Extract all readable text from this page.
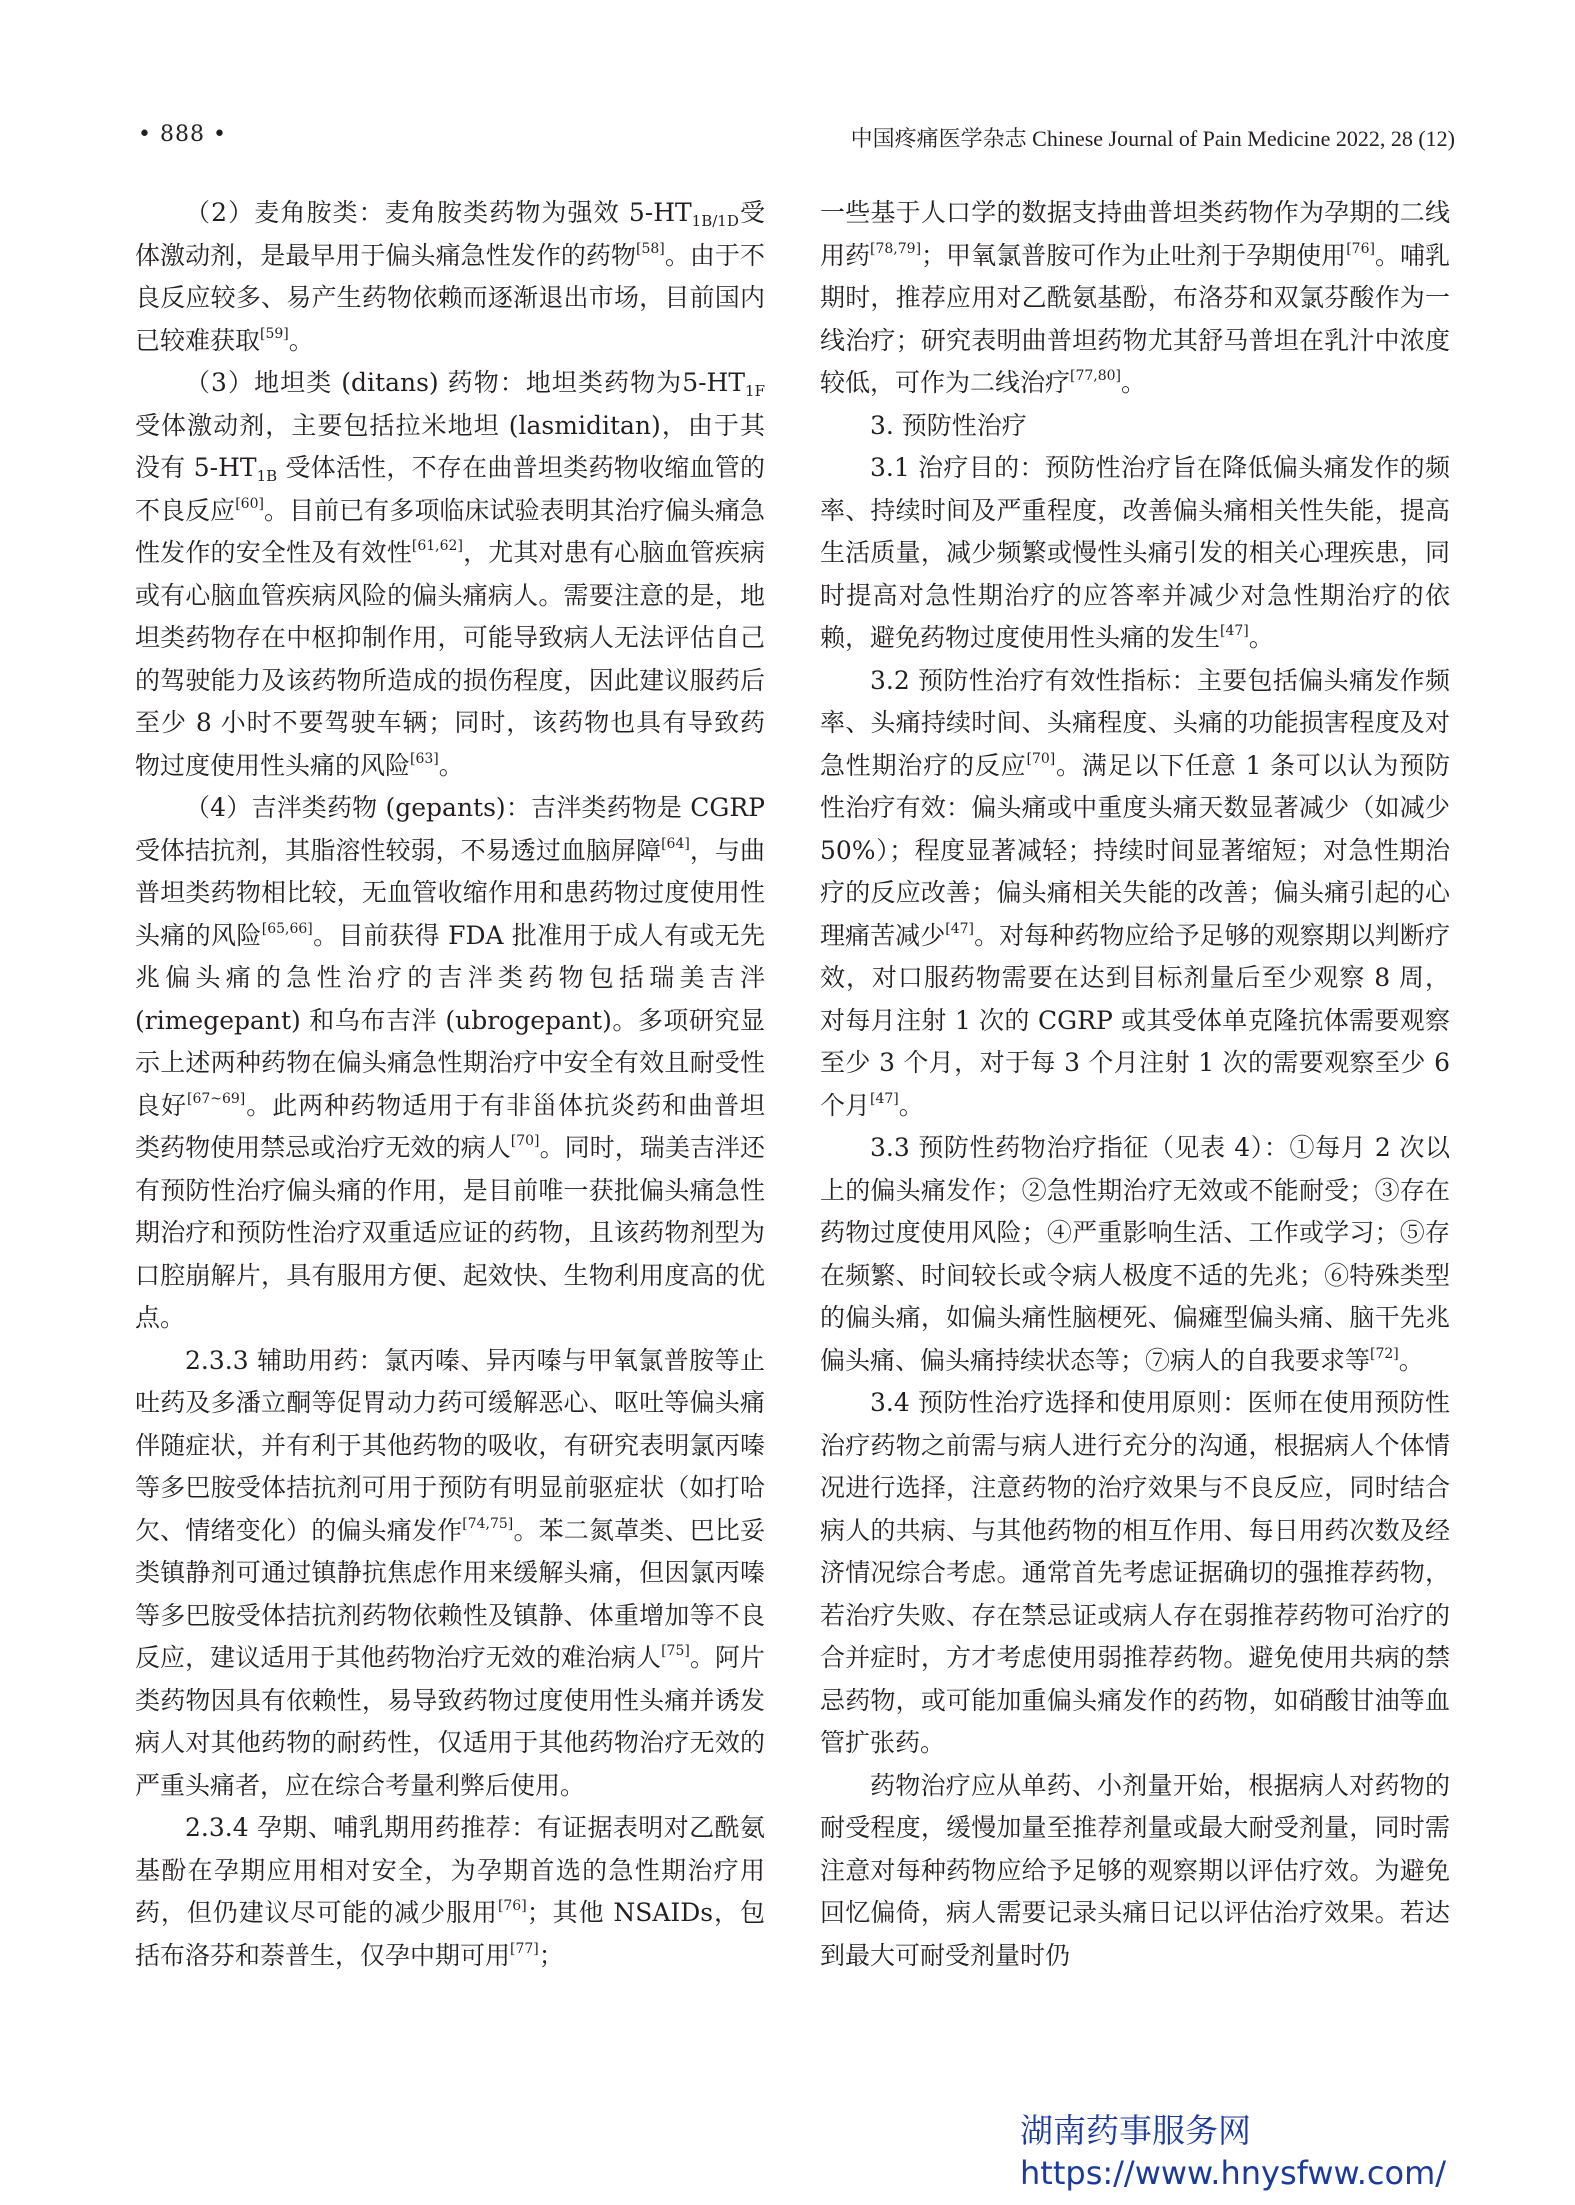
• 888 •	中国疼痛医学杂志 Chinese Journal of Pain Medicine 2022, 28 (12)

（2）麦角胺类：麦角胺类药物为强效 $5-HT_{1B/1D}$受体激动剂，是最早用于偏头痛急性发作的药物[58]。由于不良反应较多、易产生药物依赖而逐渐退出市场，目前国内已较难获取[59]。

（3）地坦类 (ditans) 药物：地坦类药物为$5-HT_{1F}$受体激动剂，主要包括拉米地坦 (lasmiditan)，由于其没有 $5-HT_{1B}$ 受体活性，不存在曲普坦类药物收缩血管的不良反应[60]。目前已有多项临床试验表明其治疗偏头痛急性发作的安全性及有效性[61,62]，尤其对患有心脑血管疾病或有心脑血管疾病风险的偏头痛病人。需要注意的是，地坦类药物存在中枢抑制作用，可能导致病人无法评估自己的驾驶能力及该药物所造成的损伤程度，因此建议服药后至少 8 小时不要驾驶车辆；同时，该药物也具有导致药物过度使用性头痛的风险[63]。

（4）吉泮类药物 (gepants)：吉泮类药物是 CGRP 受体拮抗剂，其脂溶性较弱，不易透过血脑屏障[64]，与曲普坦类药物相比较，无血管收缩作用和患药物过度使用性头痛的风险[65,66]。目前获得 FDA 批准用于成人有或无先兆偏头痛的急性治疗的吉泮类药物包括瑞美吉泮 (rimegepant) 和乌布吉泮 (ubrogepant)。多项研究显示上述两种药物在偏头痛急性期治疗中安全有效且耐受性良好[67~69]。此两种药物适用于有非甾体抗炎药和曲普坦类药物使用禁忌或治疗无效的病人[70]。同时，瑞美吉泮还有预防性治疗偏头痛的作用，是目前唯一获批偏头痛急性期治疗和预防性治疗双重适应证的药物，且该药物剂型为口腔崩解片，具有服用方便、起效快、生物利用度高的优点。

2.3.3 辅助用药：氯丙嗪、异丙嗪与甲氧氯普胺等止吐药及多潘立酮等促胃动力药可缓解恶心、呕吐等偏头痛伴随症状，并有利于其他药物的吸收，有研究表明氯丙嗪等多巴胺受体拮抗剂可用于预防有明显前驱症状（如打哈欠、情绪变化）的偏头痛发作[74,75]。苯二氮䓬类、巴比妥类镇静剂可通过镇静抗焦虑作用来缓解头痛，但因氯丙嗪等多巴胺受体拮抗剂药物依赖性及镇静、体重增加等不良反应，建议适用于其他药物治疗无效的难治病人[75]。阿片类药物因具有依赖性，易导致药物过度使用性头痛并诱发病人对其他药物的耐药性，仅适用于其他药物治疗无效的严重头痛者，应在综合考量利弊后使用。

2.3.4 孕期、哺乳期用药推荐：有证据表明对乙酰氨基酚在孕期应用相对安全，为孕期首选的急性期治疗用药，但仍建议尽可能的减少服用[76]；其他 NSAIDs，包括布洛芬和萘普生，仅孕中期可用[77]；

一些基于人口学的数据支持曲普坦类药物作为孕期的二线用药[78,79]；甲氧氯普胺可作为止吐剂于孕期使用[76]。哺乳期时，推荐应用对乙酰氨基酚，布洛芬和双氯芬酸作为一线治疗；研究表明曲普坦药物尤其舒马普坦在乳汁中浓度较低，可作为二线治疗[77,80]。

3. 预防性治疗

3.1 治疗目的：预防性治疗旨在降低偏头痛发作的频率、持续时间及严重程度，改善偏头痛相关性失能，提高生活质量，减少频繁或慢性头痛引发的相关心理疾患，同时提高对急性期治疗的应答率并减少对急性期治疗的依赖，避免药物过度使用性头痛的发生[47]。

3.2 预防性治疗有效性指标：主要包括偏头痛发作频率、头痛持续时间、头痛程度、头痛的功能损害程度及对急性期治疗的反应[70]。满足以下任意 1 条可以认为预防性治疗有效：偏头痛或中重度头痛天数显著减少（如减少 50%）；程度显著减轻；持续时间显著缩短；对急性期治疗的反应改善；偏头痛相关失能的改善；偏头痛引起的心理痛苦减少[47]。对每种药物应给予足够的观察期以判断疗效，对口服药物需要在达到目标剂量后至少观察 8 周，对每月注射 1 次的 CGRP 或其受体单克隆抗体需要观察至少 3 个月，对于每 3 个月注射 1 次的需要观察至少 6 个月[47]。

3.3 预防性药物治疗指征（见表 4）：①每月 2 次以上的偏头痛发作；②急性期治疗无效或不能耐受；③存在药物过度使用风险；④严重影响生活、工作或学习；⑤存在频繁、时间较长或令病人极度不适的先兆；⑥特殊类型的偏头痛，如偏头痛性脑梗死、偏瘫型偏头痛、脑干先兆偏头痛、偏头痛持续状态等；⑦病人的自我要求等[72]。

3.4 预防性治疗选择和使用原则：医师在使用预防性治疗药物之前需与病人进行充分的沟通，根据病人个体情况进行选择，注意药物的治疗效果与不良反应，同时结合病人的共病、与其他药物的相互作用、每日用药次数及经济情况综合考虑。通常首先考虑证据确切的强推荐药物，若治疗失败、存在禁忌证或病人存在弱推荐药物可治疗的合并症时，方才考虑使用弱推荐药物。避免使用共病的禁忌药物，或可能加重偏头痛发作的药物，如硝酸甘油等血管扩张药。

药物治疗应从单药、小剂量开始，根据病人对药物的耐受程度，缓慢加量至推荐剂量或最大耐受剂量，同时需注意对每种药物应给予足够的观察期以评估疗效。为避免回忆偏倚，病人需要记录头痛日记以评估治疗效果。若达到最大可耐受剂量时仍

湖南药事服务网
https://www.hnysfww.com/
